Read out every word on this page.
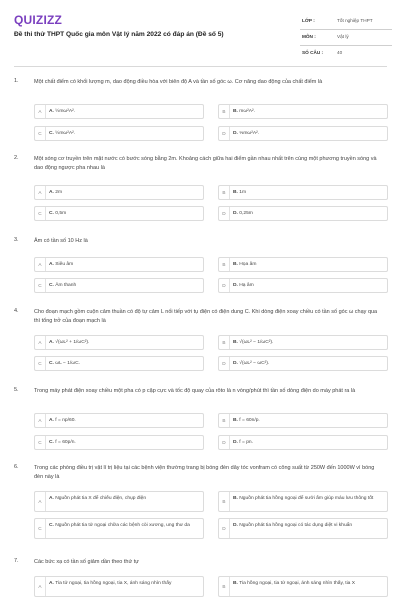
QUIZIZZ
Đề thi thử THPT Quốc gia môn Vật lý năm 2022 có đáp án (Đề số 5)
LỚP :	Tốt nghiệp THPT
MÔN :	Vật lý
SỐ CÂU :	40
1.	Một chất điểm có khối lượng m, dao động điều hòa với biên độ A và tần số góc ω. Cơ năng dao động của chất điểm là
A	A. ½mω²A².	B	B. mω²A².
C	C. ½mω²A².	D	D. ⅓mω²A².
2.	Một sóng cơ truyền trên mặt nước có bước sóng bằng 2m. Khoảng cách giữa hai điểm gần nhau nhất trên cùng một phương truyền sóng và dao động ngược pha nhau là
A	A. 2m	B	B. 1m
C	C. 0,5m	D	D. 0,25m
3.	Âm có tần số 10 Hz là
A	A. Siêu âm	B	B. Họa âm
C	C. Âm thanh	D	D. Hạ âm
4.	Cho đoạn mạch gồm cuộn cảm thuần có độ tự cảm L nối tiếp với tụ điện có điện dung C. Khi dòng điện xoay chiều có tần số góc ω chạy qua thì tổng trở của đoạn mạch là
A	A. √(ωL² + 1/ωC²).	B	B. √(ωL² − 1/ωC²).
C	C. ωL − 1/ωC.	D	D. √(ωL² − ωC²).
5.	Trong máy phát điện xoay chiều một pha có p cặp cực và tốc độ quay của rôto là n vòng/phút thì tần số dòng điện do máy phát ra là
A	A. f = np/60.	B	B. f = 60n/p.
C	C. f = 60p/n.	D	D. f = pn.
6.	Trong các phòng điều trị vật lí trị liệu tại các bệnh viện thường trang bị bóng đèn dây tóc vonfram có công suất từ 250W đến 1000W vì bóng đèn này là
A
A. Nguồn phát tia X để chiếu điện, chụp điện
B
B. Nguồn phát tia hồng ngoại để sưởi ấm giúp máu lưu thông tốt
C
C. Nguồn phát tia tử ngoại chữa các bệnh còi xương, ung thư da
D
D. Nguồn phát tia hồng ngoại có tác dụng diệt vi khuẩn
7.	Các bức xạ có tần số giảm dần theo thứ tự
A
A. Tia tử ngoại, tia hồng ngoại, tia X, ánh sáng nhìn thấy
B
B. Tia hồng ngoại, tia tử ngoại, ánh sáng nhìn thấy, tia X
